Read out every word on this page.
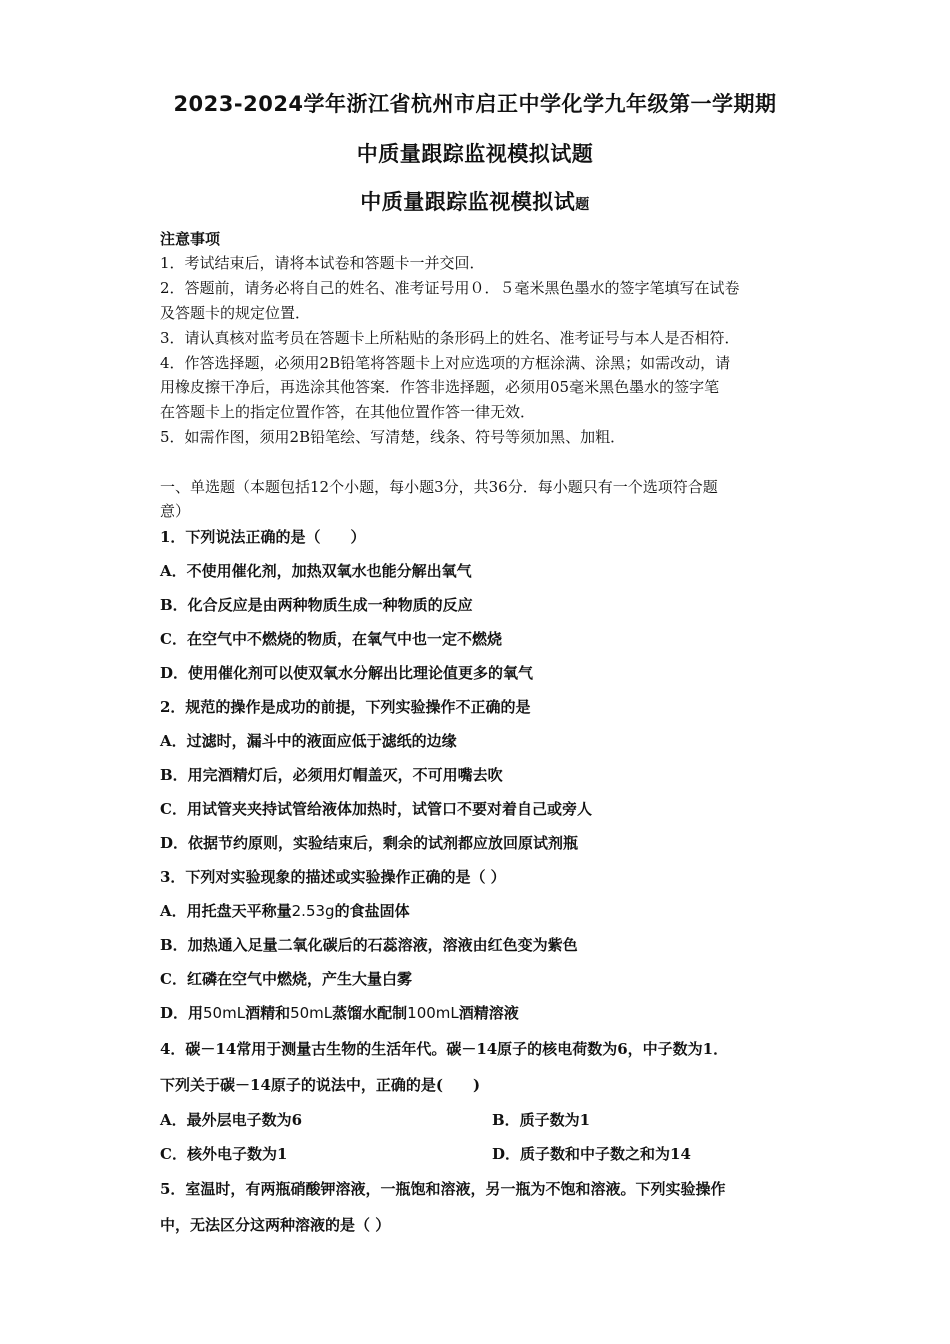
2023-2024学年浙江省杭州市启正中学化学九年级第一学期期
中质量跟踪监视模拟试题
中质量跟踪监视模拟试题
注意事项
1．考试结束后，请将本试卷和答题卡一并交回．
2．答题前，请务必将自己的姓名、准考证号用０．５毫米黑色墨水的签字笔填写在试卷
及答题卡的规定位置．
3．请认真核对监考员在答题卡上所粘贴的条形码上的姓名、准考证号与本人是否相符．
4．作答选择题，必须用2B铅笔将答题卡上对应选项的方框涂满、涂黑；如需改动，请
用橡皮擦干净后，再选涂其他答案．作答非选择题，必须用05毫米黑色墨水的签字笔
在答题卡上的指定位置作答，在其他位置作答一律无效．
5．如需作图，须用2B铅笔绘、写清楚，线条、符号等须加黑、加粗．
一、单选题（本题包括12个小题，每小题3分，共36分．每小题只有一个选项符合题
意）
1．下列说法正确的是（　　）
A．不使用催化剂，加热双氧水也能分解出氧气
B．化合反应是由两种物质生成一种物质的反应
C．在空气中不燃烧的物质，在氧气中也一定不燃烧
D．使用催化剂可以使双氧水分解出比理论值更多的氧气
2．规范的操作是成功的前提，下列实验操作不正确的是
A．过滤时，漏斗中的液面应低于滤纸的边缘
B．用完酒精灯后，必须用灯帽盖灭，不可用嘴去吹
C．用试管夹夹持试管给液体加热时，试管口不要对着自己或旁人
D．依据节约原则，实验结束后，剩余的试剂都应放回原试剂瓶
3．下列对实验现象的描述或实验操作正确的是（ ）
A．用托盘天平称量2.53g的食盐固体
B．加热通入足量二氧化碳后的石蕊溶液，溶液由红色变为紫色
C．红磷在空气中燃烧，产生大量白雾
D．用50mL酒精和50mL蒸馏水配制100mL酒精溶液
4．碳－14常用于测量古生物的生活年代。碳－14原子的核电荷数为6，中子数为1．
下列关于碳－14原子的说法中，正确的是(　　)
A．最外层电子数为6	B．质子数为1
C．核外电子数为1	D．质子数和中子数之和为14
5．室温时，有两瓶硝酸钾溶液，一瓶饱和溶液，另一瓶为不饱和溶液。下列实验操作
中，无法区分这两种溶液的是（ ）
